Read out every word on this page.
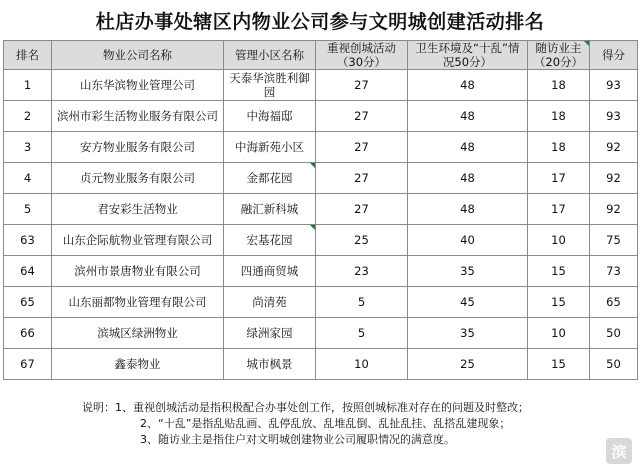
杜店办事处辖区内物业公司参与文明城创建活动排名
排名	物业公司名称	管理小区名称	重视创城活动（30分）	卫生环境及“十乱”情况50分）	随访业主（20分）	得分
1	山东华滨物业管理公司	天泰华滨胜利御园	27	48	18	93
2	滨州市彩生活物业服务有限公司	中海福邸	27	48	18	93
3	安方物业服务有限公司	中海新苑小区	27	48	18	92
4	贞元物业服务有限公司	金都花园	27	48	17	92
5	君安彩生活物业	融汇新科城	27	48	17	92
63	山东企际航物业管理有限公司	宏基花园	25	40	10	75
64	滨州市景唐物业有限公司	四通商贸城	23	35	15	73
65	山东丽都物业管理有限公司	尚清苑	5	45	15	65
66	滨城区绿洲物业	绿洲家园	5	35	10	50
67	鑫泰物业	城市枫景	10	25	15	50
说明：1、重视创城活动是指积极配合办事处创工作，按照创城标准对存在的问题及时整改；
2、“十乱”是指乱贴乱画、乱停乱放、乱堆乱倒、乱扯乱挂、乱搭乱建现象；
3、随访业主是指住户对文明城创建物业公司履职情况的满意度。
滨
